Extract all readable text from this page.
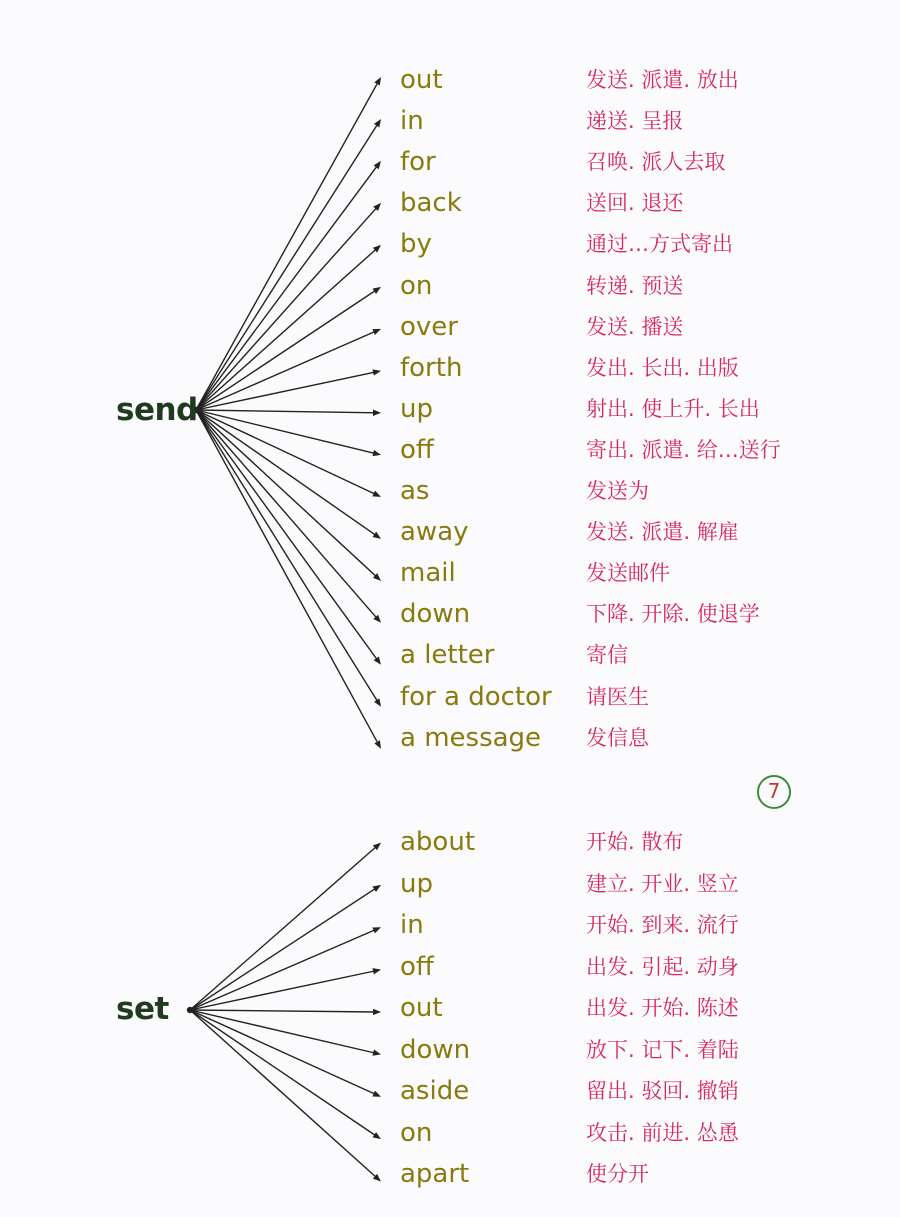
7
send
out	发送. 派遣. 放出
in	递送. 呈报
for	召唤. 派人去取
back	送回. 退还
by	通过…方式寄出
on	转递. 预送
over	发送. 播送
forth	发出. 长出. 出版
up	射出. 使上升. 长出
off	寄出. 派遣. 给…送行
as	发送为
away	发送. 派遣. 解雇
mail	发送邮件
down	下降. 开除. 使退学
a letter	寄信
for a doctor 请医生
a message 发信息
set
about	开始. 散布
up	建立. 开业. 竖立
in	开始. 到来. 流行
off	出发. 引起. 动身
out	出发. 开始. 陈述
down	放下. 记下. 着陆
aside	留出. 驳回. 撤销
on	攻击. 前进. 怂恿
apart	使分开
